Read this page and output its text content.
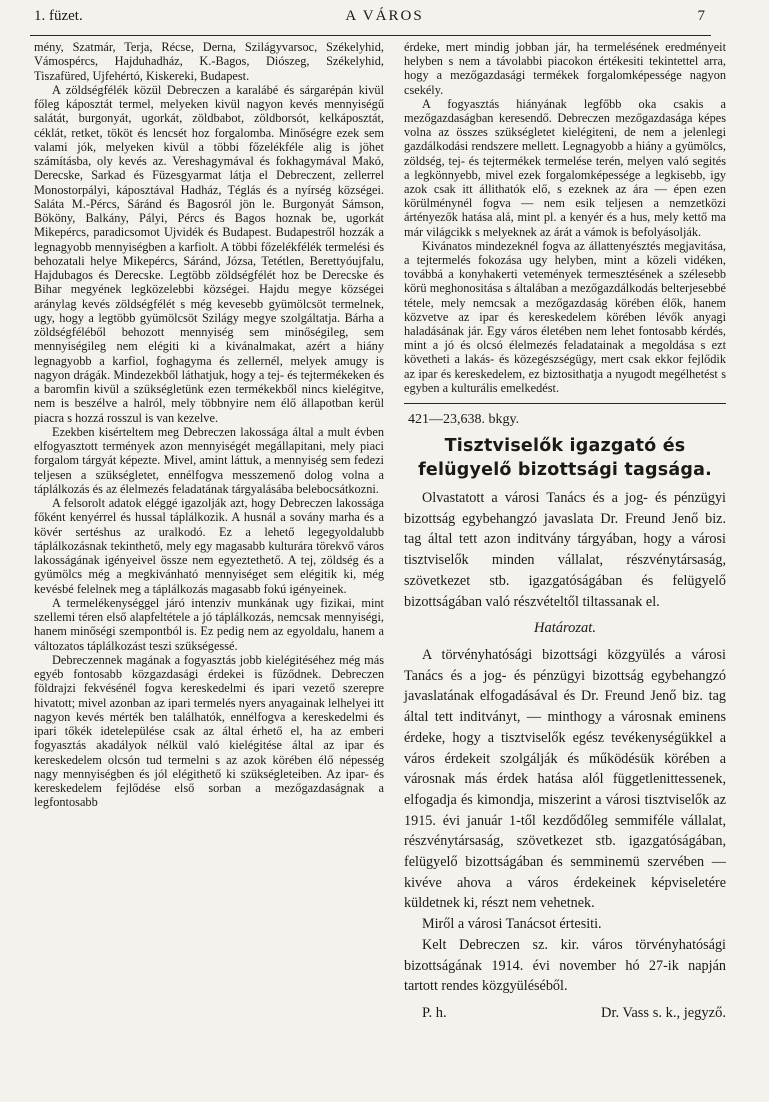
1. füzet.	A VÁROS	7

mény, Szatmár, Terja, Récse, Derna, Szilágyvarsoc, Székelyhid, Vámospércs, Hajduhadház, K.-Bagos, Diószeg, Székelyhid, Tiszafüred, Ujfehértó, Kiskereki, Budapest.

A zöldségfélék közül Debreczen a karalábé és sárgarépán kivül főleg káposztát termel, melyeken kivül nagyon kevés mennyiségű salátát, burgonyát, ugorkát, zöldbabot, zöldborsót, kelkáposztát, céklát, retket, tököt és lencsét hoz forgalomba. Minőségre ezek sem valami jók, melyeken kivül a többi főzelékféle alig is jöhet számításba, oly kevés az. Vereshagymával és fokhagymával Makó, Derecske, Sarkad és Füzesgyarmat látja el Debreczent, zellerrel Monostorpályi, káposztával Hadház, Téglás és a nyírség községei. Saláta M.-Pércs, Sáránd és Bagosról jön le. Burgonyát Sámson, Bököny, Balkány, Pályi, Pércs és Bagos hoznak be, ugorkát Mikepércs, paradicsomot Ujvidék és Budapest. Budapestről hozzák a legnagyobb mennyiségben a karfiolt. A többi főzelékfélék termelési és behozatali helye Mikepércs, Sáránd, Józsa, Tetétlen, Berettyóujfalu, Hajdubagos és Derecske. Legtöbb zöldségfélét hoz be Derecske és Bihar megyének legközelebbi községei. Hajdu megye községei aránylag kevés zöldségfélét s még kevesebb gyümölcsöt termelnek, ugy, hogy a legtöbb gyümölcsöt Szilágy megye szolgáltatja. Bárha a zöldségféléből behozott mennyiség sem minőségileg, sem mennyiségileg nem elégiti ki a kivánalmakat, azért a hiány legnagyobb a karfiol, foghagyma és zellernél, melyek amugy is nagyon drágák. Mindezekből láthatjuk, hogy a tej- és tejtermékeken és a baromfin kivül a szükségletünk ezen termékekből nincs kielégitve, nem is beszélve a halról, mely többnyire nem élő állapotban kerül piacra s hozzá rosszul is van kezelve.

Ezekben kisérteltem meg Debreczen lakossága által a mult évben elfogyasztott termények azon mennyiségét megállapitani, mely piaci forgalom tárgyát képezte. Mivel, amint láttuk, a mennyiség sem fedezi teljesen a szükségletet, ennélfogva messzemenő dolog volna a táplálkozás és az élelmezés feladatának tárgyalásába belebocsátkozni.

A felsorolt adatok eléggé igazolják azt, hogy Debreczen lakossága főként kenyérrel és hussal táplálkozik. A husnál a sovány marha és a kövér sertéshus az uralkodó. Ez a lehető legegyoldalubb táplálkozásnak tekinthető, mely egy magasabb kulturára törekvő város lakosságának igényeivel össze nem egyeztethető. A tej, zöldség és a gyümölcs még a megkivánható mennyiséget sem elégitik ki, még kevésbé felelnek meg a táplálkozás magasabb fokú igényeinek.

A termelékenységgel járó intenziv munkának ugy fizikai, mint szellemi téren első alapfeltétele a jó táplálkozás, nemcsak mennyiségi, hanem minőségi szempontból is. Ez pedig nem az egyoldalu, hanem a változatos táplálkozást teszi szükségessé.

Debreczennek magának a fogyasztás jobb kielégitéséhez még más egyéb fontosabb közgazdasági érdekei is fűződnek. Debreczen földrajzi fekvésénél fogva kereskedelmi és ipari vezető szerepre hivatott; mivel azonban az ipari termelés nyers anyagainak lelhelyei itt nagyon kevés mérték ben találhatók, ennélfogva a kereskedelmi és ipari tőkék idetelepülése csak az által érhető el, ha az emberi fogyasztás akadályok nélkül való kielégitése által az ipar és kereskedelem olcsón tud termelni s az azok körében élő népesség nagy mennyiségben és jól elégithető ki szükségleteiben. Az ipar- és kereskedelem fejlődése első sorban a mezőgazdaságnak a legfontosabb

érdeke, mert mindig jobban jár, ha termelésének eredményeit helyben s nem a távolabbi piacokon értékesiti tekintettel arra, hogy a mezőgazdasági termékek forgalomképessége nagyon csekély.

A fogyasztás hiányának legfőbb oka csakis a mezőgazdaságban keresendő. Debreczen mezőgazdasága képes volna az összes szükségletet kielégiteni, de nem a jelenlegi gazdálkodási rendszere mellett. Legnagyobb a hiány a gyümölcs, zöldség, tej- és tejtermékek termelése terén, melyen való segités a legkönnyebb, mivel ezek forgalomképessége a legkisebb, igy azok csak itt állithatók elő, s ezeknek az ára — épen ezen körülménynél fogva — nem esik teljesen a nemzetközi ártényezők hatása alá, mint pl. a kenyér és a hus, mely kettő ma már világcikk s melyeknek az árát a vámok is befolyásolják.

Kivánatos mindezeknél fogva az állattenyésztés megjavitása, a tejtermelés fokozása ugy helyben, mint a közeli vidéken, továbbá a konyhakerti vetemények termesztésének a szélesebb körü meghonositása s általában a mezőgazdálkodás belterjesebbé tétele, mely nemcsak a mezőgazdaság körében élők, hanem közvetve az ipar és kereskedelem körében lévők anyagi haladásának jár. Egy város életében nem lehet fontosabb kérdés, mint a jó és olcsó élelmezés feladatainak a megoldása s ezt követheti a lakás- és közegészségügy, mert csak ekkor fejlődik az ipar és kereskedelem, ez biztosithatja a nyugodt megélhetést s egyben a kulturális emelkedést.

421—23,638. bkgy.
Tisztviselők igazgató és felügyelő bizottsági tagsága.

Olvastatott a városi Tanács és a jog- és pénzügyi bizottság egybehangzó javaslata Dr. Freund Jenő biz. tag által tett azon inditvány tárgyában, hogy a városi tisztviselők minden vállalat, részvénytársaság, szövetkezet stb. igazgatóságában és felügyelő bizottságában való részvételtől tiltassanak el.

Határozat.

A törvényhatósági bizottsági közgyülés a városi Tanács és a jog- és pénzügyi bizottság egybehangzó javaslatának elfogadásával és Dr. Freund Jenő biz. tag által tett inditványt, — minthogy a városnak eminens érdeke, hogy a tisztviselők egész tevékenységükkel a város érdekeit szolgálják és működésük körében a városnak más érdek hatása alól függetlenittessenek, elfogadja és kimondja, miszerint a városi tisztviselők az 1915. évi január 1-től kezdődőleg semmiféle vállalat, részvénytársaság, szövetkezet stb. igazgatóságában, felügyelő bizottságában és semminemü szervében — kivéve ahova a város érdekeinek képviseletére küldetnek ki, részt nem vehetnek.

Miről a városi Tanácsot értesiti.

Kelt Debreczen sz. kir. város törvényhatósági bizottságának 1914. évi november hó 27-ik napján tartott rendes közgyüléséből.

P. h.	Dr. Vass s. k., jegyző.
